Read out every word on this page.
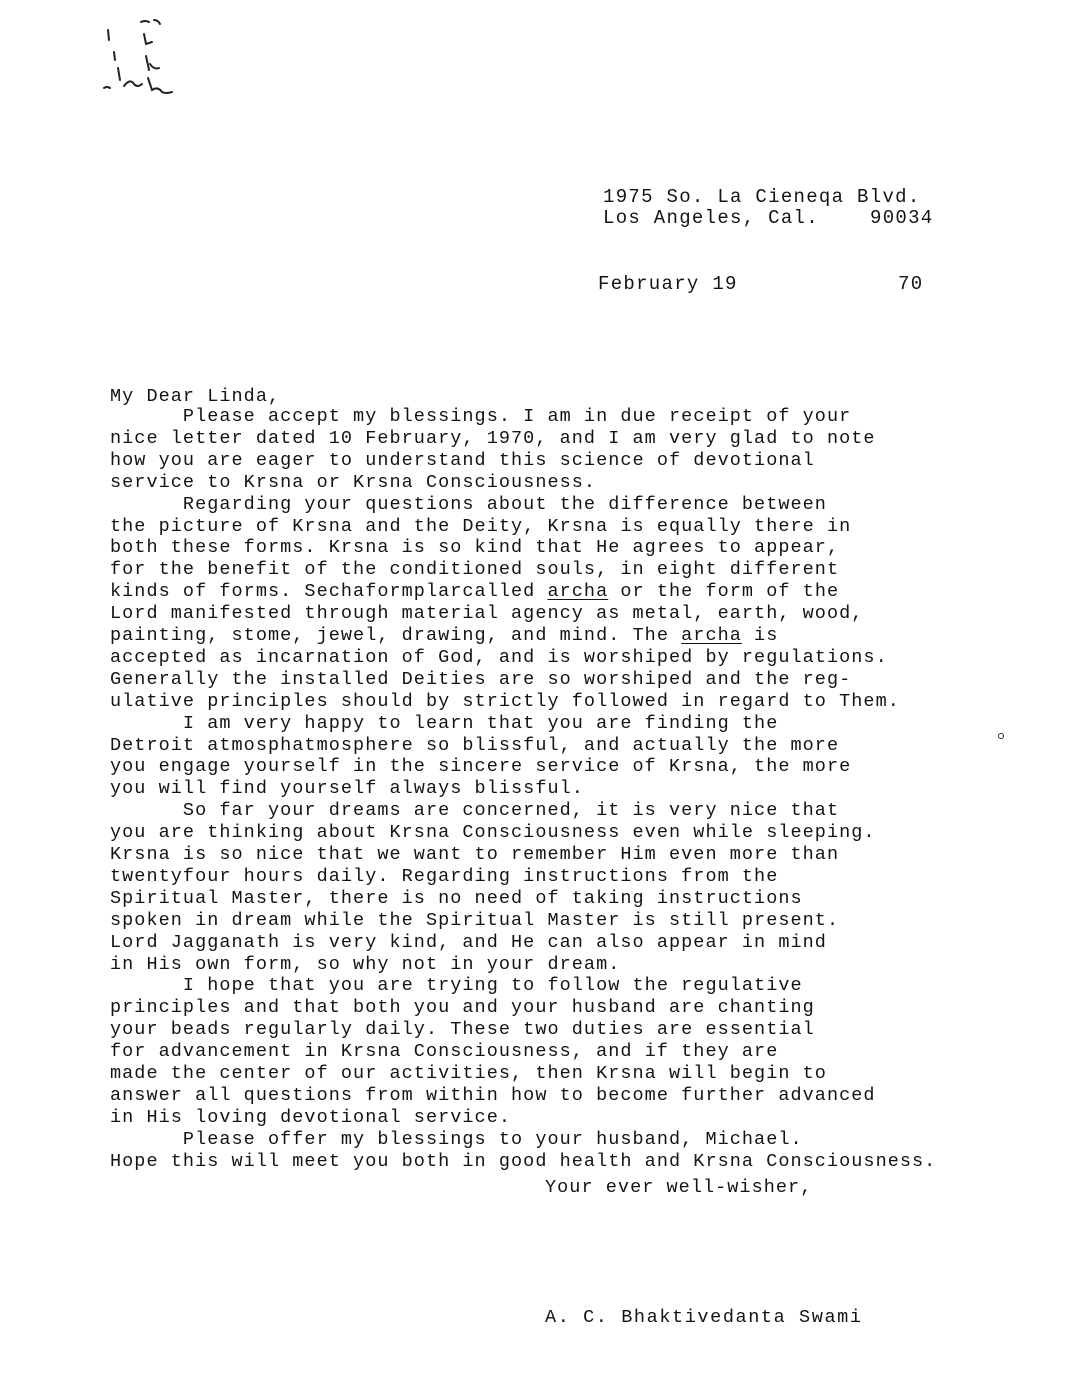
1975 So. La Cieneqa Blvd.
Los Angeles, Cal.	90034
February 19	70
My Dear Linda,
Please accept my blessings. I am in due receipt of your
nice letter dated 10 February, 1970, and I am very glad to note
how you are eager to understand this science of devotional
service to Krsna or Krsna Consciousness.
Regarding your questions about the difference between
the picture of Krsna and the Deity, Krsna is equally there in
both these forms. Krsna is so kind that He agrees to appear,
for the benefit of the conditioned souls, in eight different
kinds of forms. Sechaformplarcalled archa or the form of the
Lord manifested through material agency as metal, earth, wood,
painting, stome, jewel, drawing, and mind. The archa is
accepted as incarnation of God, and is worshiped by regulations.
Generally the installed Deities are so worshiped and the reg-
ulative principles should by strictly followed in regard to Them.
I am very happy to learn that you are finding the
Detroit atmosphatmosphere so blissful, and actually the more
you engage yourself in the sincere service of Krsna, the more
you will find yourself always blissful.
So far your dreams are concerned, it is very nice that
you are thinking about Krsna Consciousness even while sleeping.
Krsna is so nice that we want to remember Him even more than
twentyfour hours daily. Regarding instructions from the
Spiritual Master, there is no need of taking instructions
spoken in dream while the Spiritual Master is still present.
Lord Jagganath is very kind, and He can also appear in mind
in His own form, so why not in your dream.
I hope that you are trying to follow the regulative
principles and that both you and your husband are chanting
your beads regularly daily. These two duties are essential
for advancement in Krsna Consciousness, and if they are
made the center of our activities, then Krsna will begin to
answer all questions from within how to become further advanced
in His loving devotional service.
Please offer my blessings to your husband, Michael.
Hope this will meet you both in good health and Krsna Consciousness.
Your ever well-wisher,
A. C. Bhaktivedanta Swami
